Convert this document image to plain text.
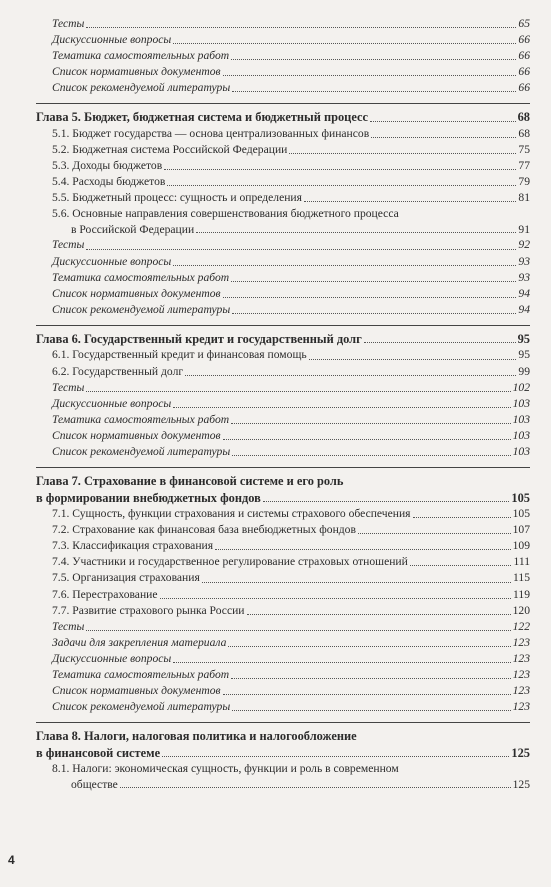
Тесты	65
Дискуссионные вопросы	66
Тематика самостоятельных работ	66
Список нормативных документов	66
Список рекомендуемой литературы	66
Глава 5. Бюджет, бюджетная система и бюджетный процесс	68
5.1. Бюджет государства — основа централизованных финансов	68
5.2. Бюджетная система Российской Федерации	75
5.3. Доходы бюджетов	77
5.4. Расходы бюджетов	79
5.5. Бюджетный процесс: сущность и определения	81
5.6. Основные направления совершенствования бюджетного процесса
в Российской Федерации	91
Тесты	92
Дискуссионные вопросы	93
Тематика самостоятельных работ	93
Список нормативных документов	94
Список рекомендуемой литературы	94
Глава 6. Государственный кредит и государственный долг	95
6.1. Государственный кредит и финансовая помощь	95
6.2. Государственный долг	99
Тесты	102
Дискуссионные вопросы	103
Тематика самостоятельных работ	103
Список нормативных документов	103
Список рекомендуемой литературы	103
Глава 7. Страхование в финансовой системе и его роль
в формировании внебюджетных фондов	105
7.1. Сущность, функции страхования и системы страхового обеспечения	105
7.2. Страхование как финансовая база внебюджетных фондов	107
7.3. Классификация страхования	109
7.4. Участники и государственное регулирование страховых отношений	111
7.5. Организация страхования	115
7.6. Перестрахование	119
7.7. Развитие страхового рынка России	120
Тесты	122
Задачи для закрепления материала	123
Дискуссионные вопросы	123
Тематика самостоятельных работ	123
Список нормативных документов	123
Список рекомендуемой литературы	123
Глава 8. Налоги, налоговая политика и налогообложение
в финансовой системе	125
8.1. Налоги: экономическая сущность, функции и роль в современном
обществе	125
4
